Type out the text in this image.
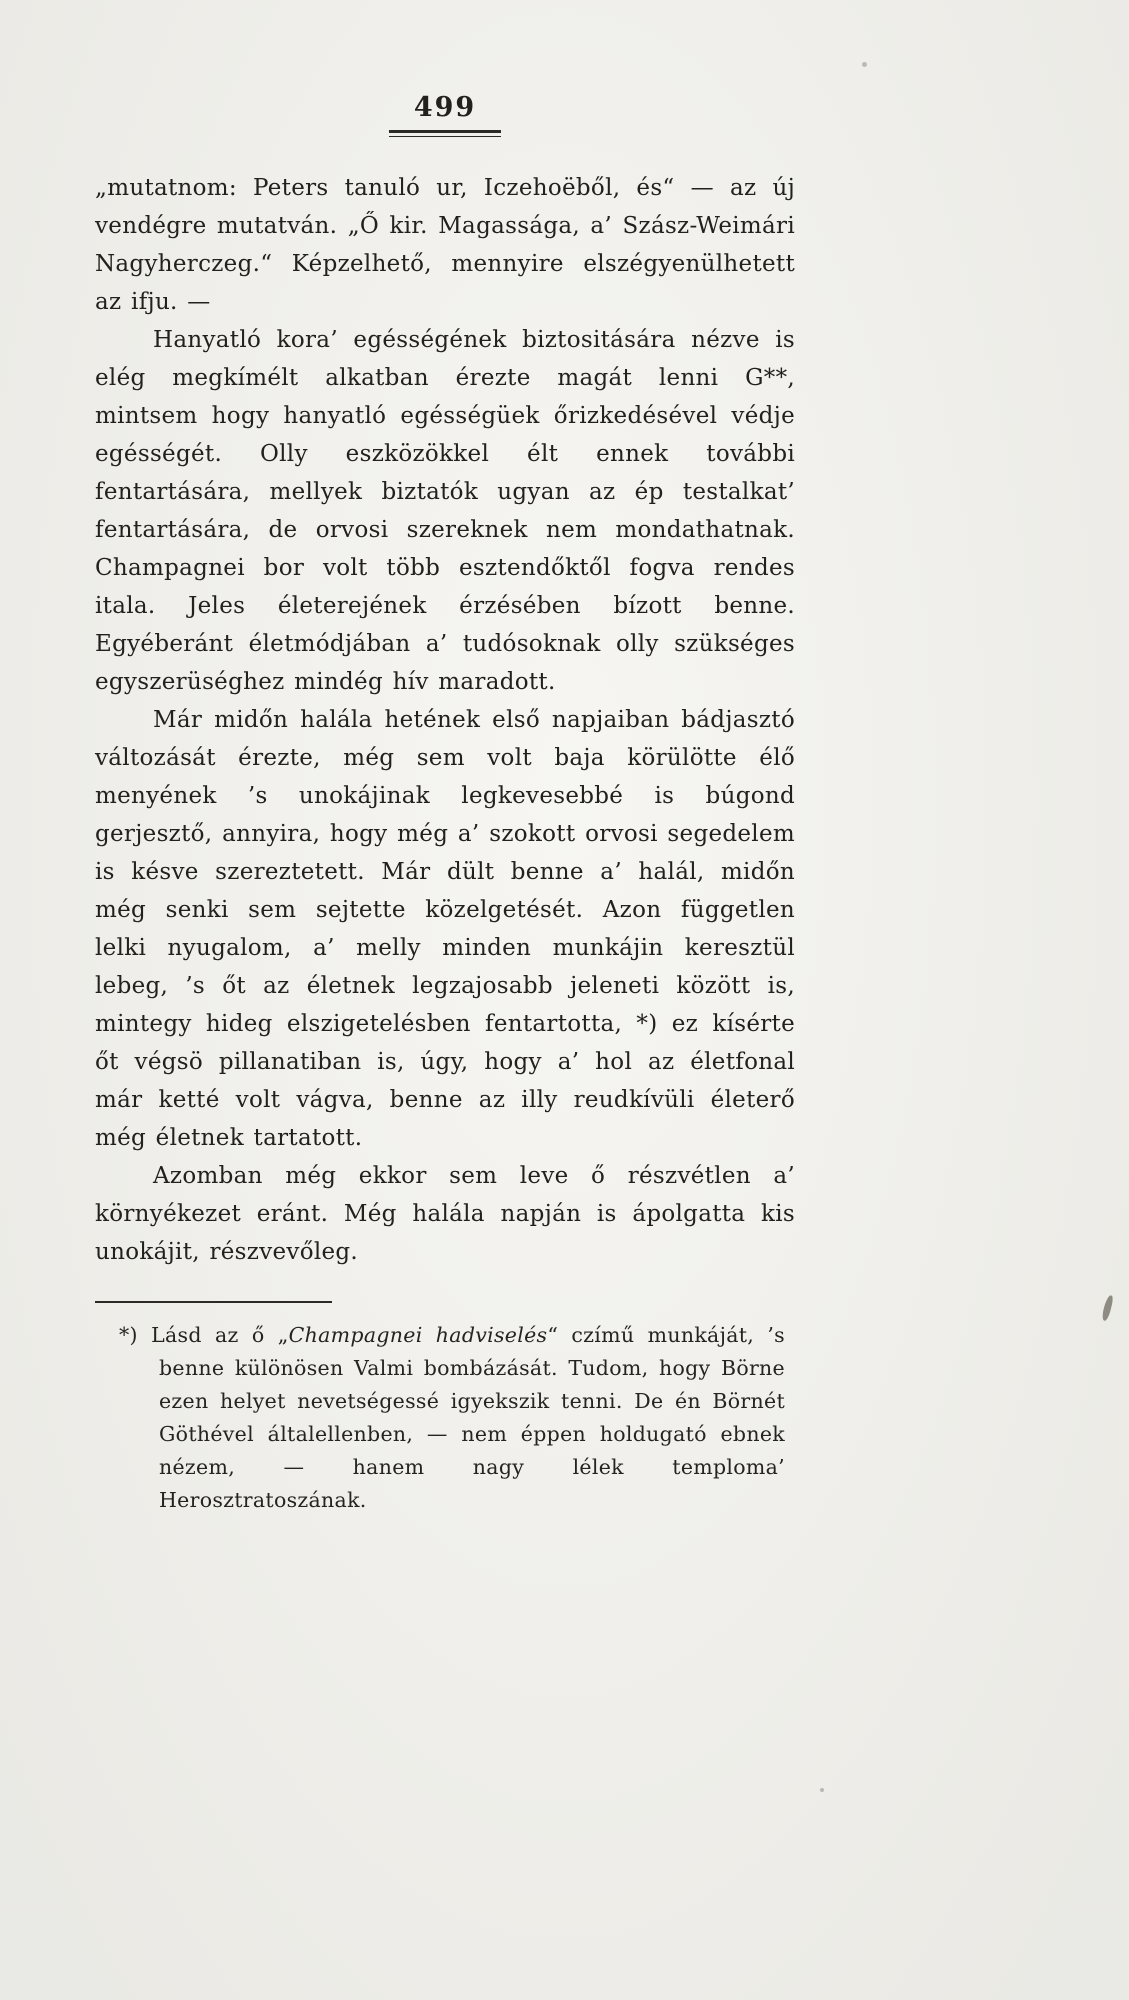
499

„mutatnom: Peters tanuló ur, Iczehoëből, és“ — az új vendégre mutatván. „Ő kir. Magassága, a’ Szász-Weimári Nagyherczeg.“ Képzelhető, mennyire elszégyenülhetett az ifju. —

Hanyatló kora’ egésségének biztositására nézve is elég megkímélt alkatban érezte magát lenni G**, mintsem hogy hanyatló egésségüek őrizkedésével védje egésségét. Olly eszközökkel élt ennek további fentartására, mellyek biztatók ugyan az ép testalkat’ fentartására, de orvosi szereknek nem mondathatnak. Champagnei bor volt több esztendőktől fogva rendes itala. Jeles életerejének érzésében bízott benne. Egyéberánt életmódjában a’ tudósoknak olly szükséges egyszerüséghez mindég hív maradott.

Már midőn halála hetének első napjaiban bádjasztó változását érezte, még sem volt baja körülötte élő menyének ’s unokájinak legkevesebbé is búgond gerjesztő, annyira, hogy még a’ szokott orvosi segedelem is késve szereztetett. Már dült benne a’ halál, midőn még senki sem sejtette közelgetését. Azon független lelki nyugalom, a’ melly minden munkájin keresztül lebeg, ’s őt az életnek legzajosabb jeleneti között is, mintegy hideg elszigetelésben fentartotta, *) ez kísérte őt végsö pillanatiban is, úgy, hogy a’ hol az életfonal már ketté volt vágva, benne az illy reudkívüli életerő még életnek tartatott.

Azomban még ekkor sem leve ő részvétlen a’ környékezet eránt. Még halála napján is ápolgatta kis unokájit, részvevőleg.

*) Lásd az ő „Champagnei hadviselés“ czímű munkáját, ’s benne különösen Valmi bombázását. Tudom, hogy Börne ezen helyet nevetségessé igyekszik tenni. De én Börnét Göthével általellenben, — nem éppen holdugató ebnek nézem, — hanem nagy lélek temploma’ Herosztratoszának.
